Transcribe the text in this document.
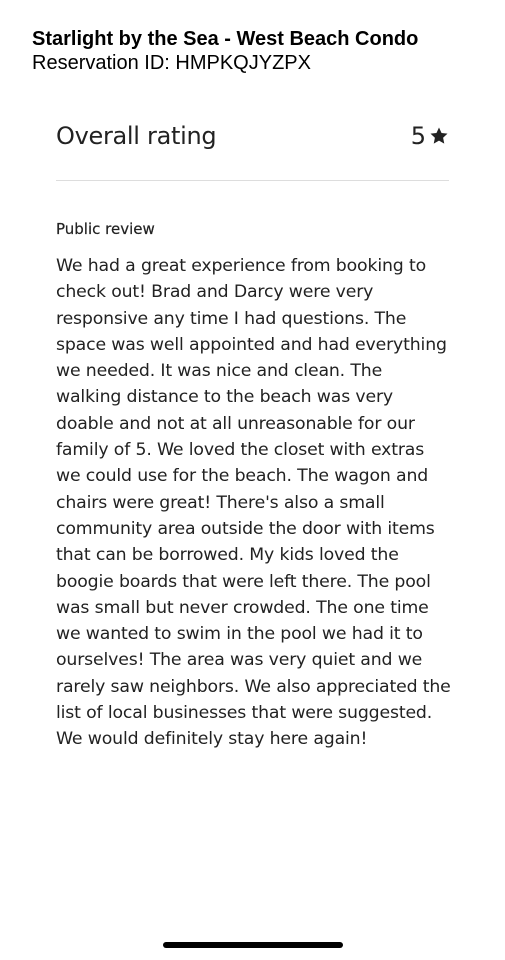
Starlight by the Sea - West Beach Condo
Reservation ID: HMPKQJYZPX
Overall rating	5
Public review
We had a great experience from booking to check out! Brad and Darcy were very responsive any time I had questions. The space was well appointed and had everything we needed. It was nice and clean. The walking distance to the beach was very doable and not at all unreasonable for our family of 5. We loved the closet with extras we could use for the beach. The wagon and chairs were great! There's also a small community area outside the door with items that can be borrowed. My kids loved the boogie boards that were left there. The pool was small but never crowded. The one time we wanted to swim in the pool we had it to ourselves! The area was very quiet and we rarely saw neighbors. We also appreciated the list of local businesses that were suggested. We would definitely stay here again!
